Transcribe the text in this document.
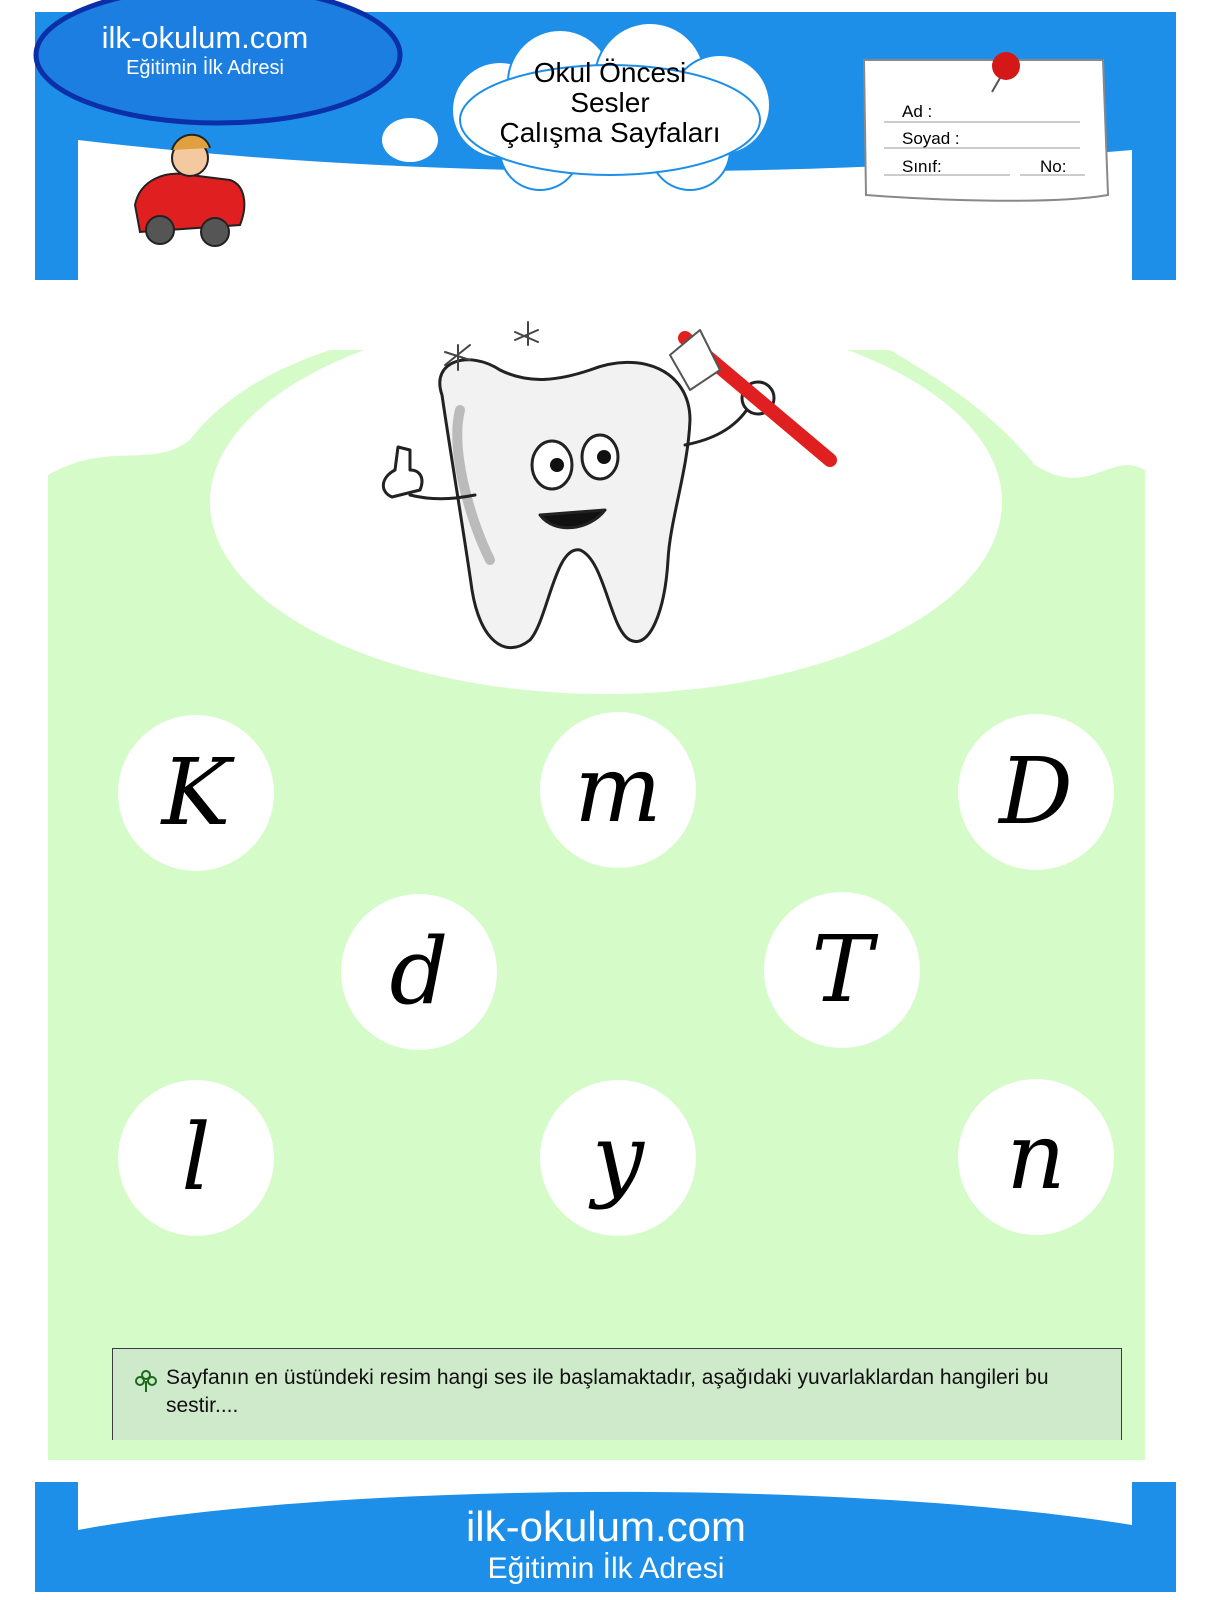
ilk-okulum.com
Eğitimin İlk Adresi	Okul Öncesi
Sesler
Çalışma Sayfaları
Ad :
Soyad :
Sınıf:	No:
K	m	D
d	T
l	y	n
Sayfanın en üstündeki resim hangi ses ile başlamaktadır, aşağıdaki yuvarlaklardan hangileri bu sestir....
ilk-okulum.com
Eğitimin İlk Adresi
